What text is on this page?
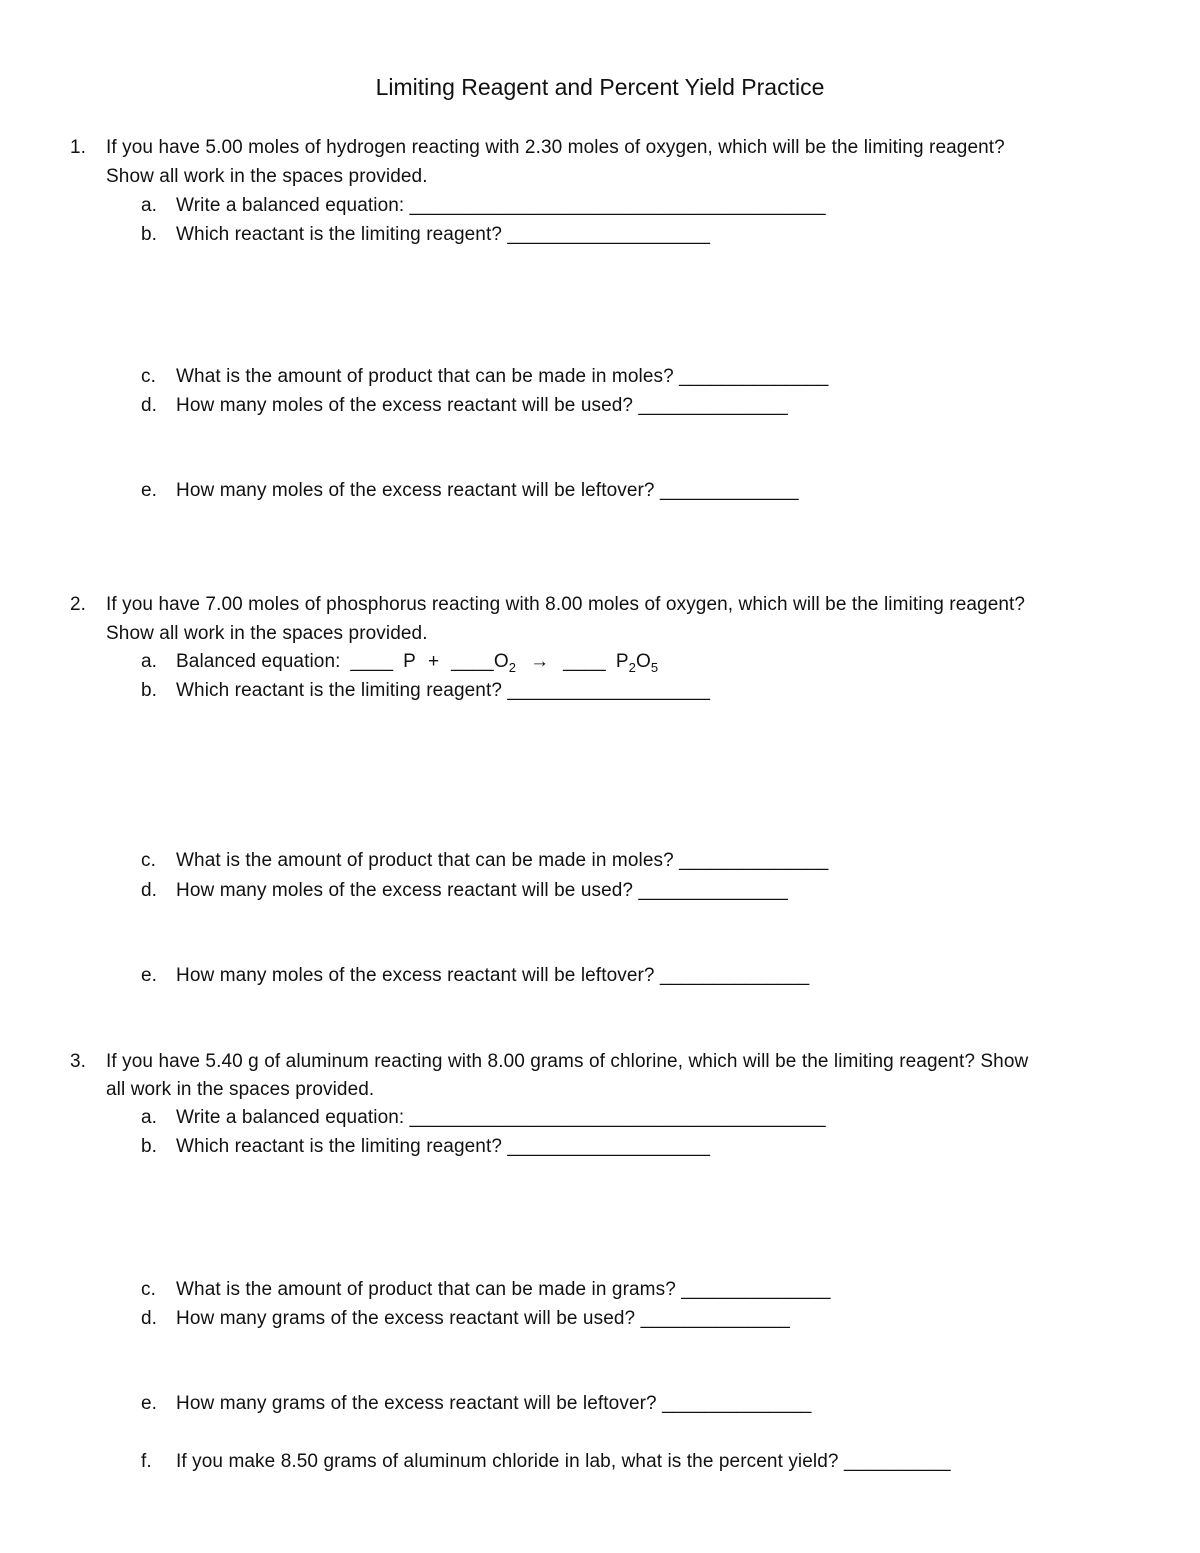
Limiting Reagent and Percent Yield Practice
1. If you have 5.00 moles of hydrogen reacting with 2.30 moles of oxygen, which will be the limiting reagent?
Show all work in the spaces provided.
a. Write a balanced equation: _______________________________________
b. Which reactant is the limiting reagent? ___________________
c. What is the amount of product that can be made in moles? ______________
d. How many moles of the excess reactant will be used? ______________
e. How many moles of the excess reactant will be leftover? _____________
2. If you have 7.00 moles of phosphorus reacting with 8.00 moles of oxygen, which will be the limiting reagent?
Show all work in the spaces provided.
a. Balanced equation: ____ P + ____ $O_2$ → ____ $P_2O_5$
b. Which reactant is the limiting reagent? ___________________
c. What is the amount of product that can be made in moles? ______________
d. How many moles of the excess reactant will be used? ______________
e. How many moles of the excess reactant will be leftover? ______________
3. If you have 5.40 g of aluminum reacting with 8.00 grams of chlorine, which will be the limiting reagent? Show
all work in the spaces provided.
a. Write a balanced equation: _______________________________________
b. Which reactant is the limiting reagent? ___________________
c. What is the amount of product that can be made in grams? ______________
d. How many grams of the excess reactant will be used? ______________
e. How many grams of the excess reactant will be leftover? ______________
f. If you make 8.50 grams of aluminum chloride in lab, what is the percent yield? __________
